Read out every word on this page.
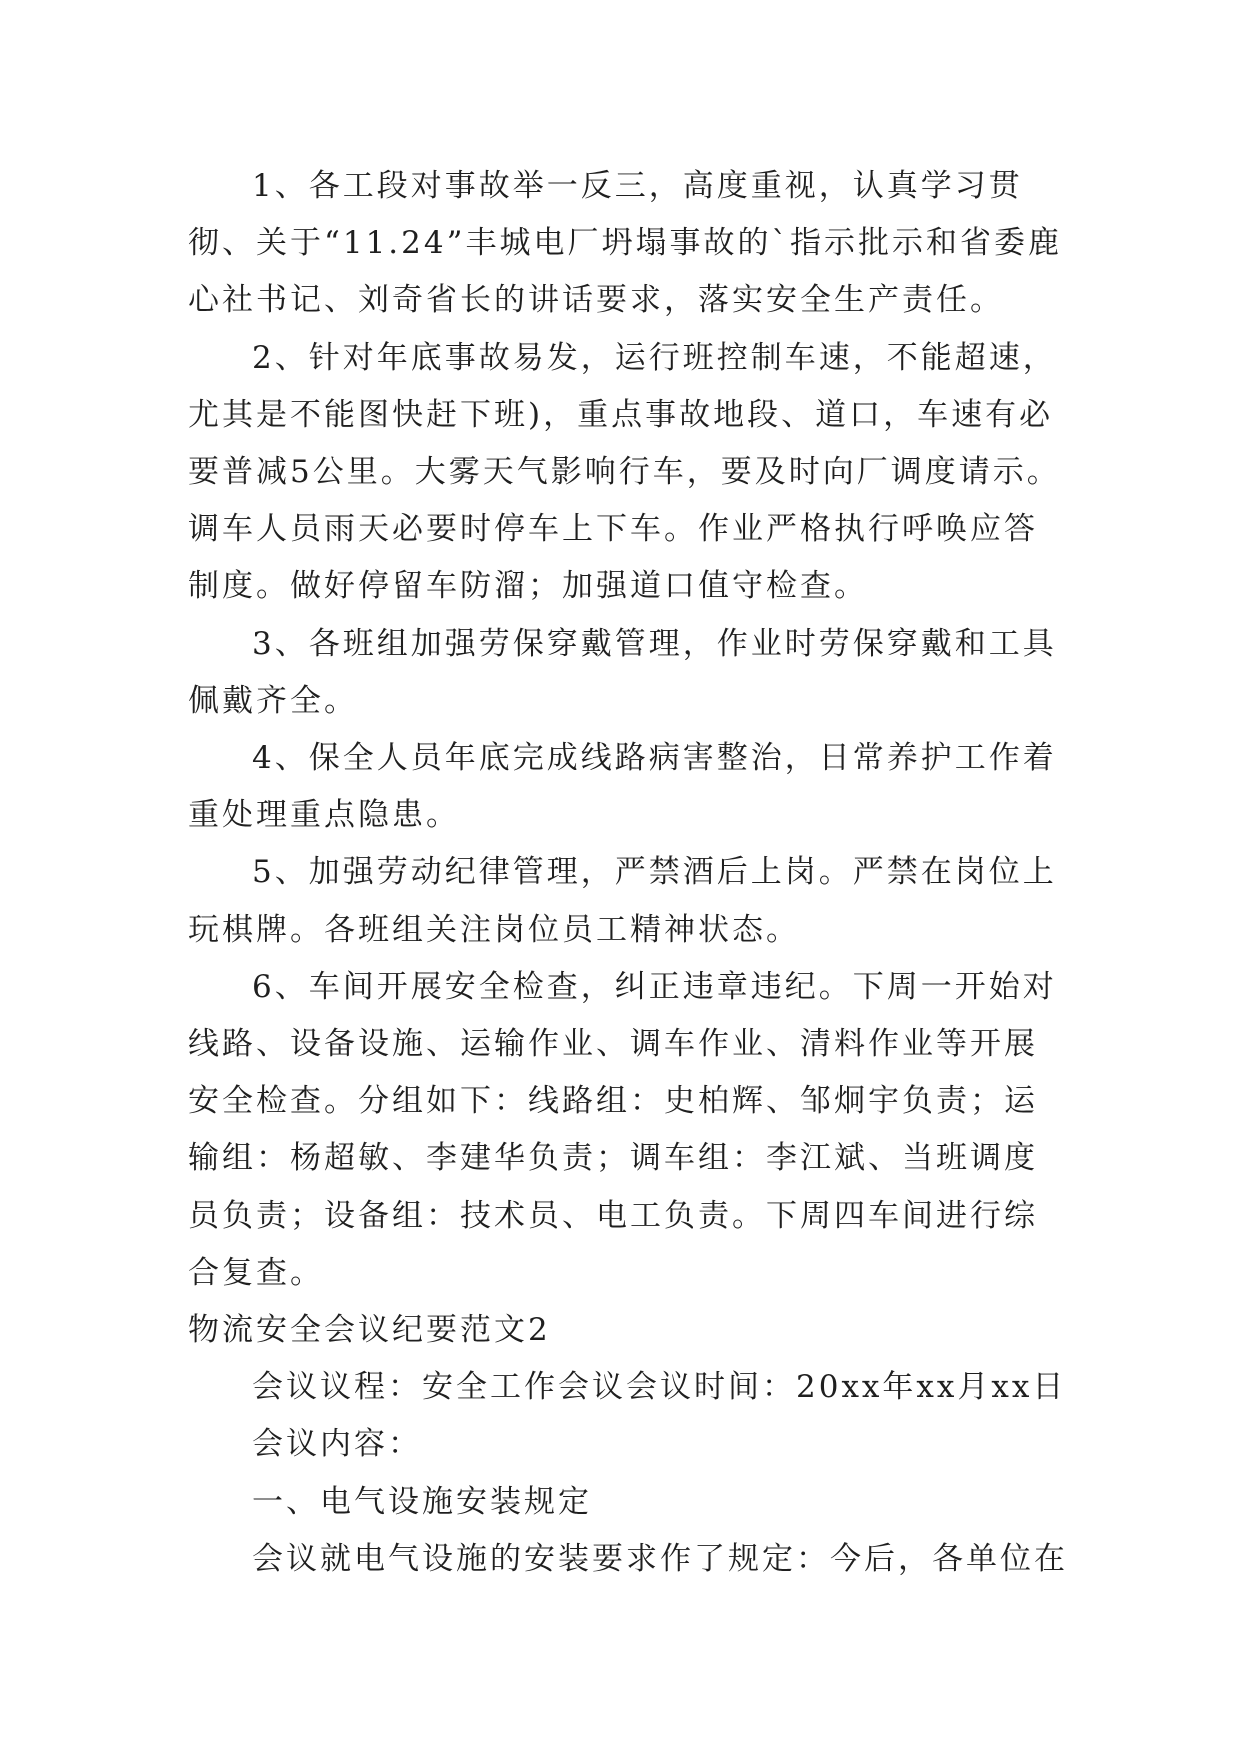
1、各工段对事故举一反三，高度重视，认真学习贯彻、关于“11.24”丰城电厂坍塌事故的`指示批示和省委鹿心社书记、刘奇省长的讲话要求，落实安全生产责任。

2、针对年底事故易发，运行班控制车速，不能超速，尤其是不能图快赶下班)，重点事故地段、道口，车速有必要普减5公里。大雾天气影响行车，要及时向厂调度请示。调车人员雨天必要时停车上下车。作业严格执行呼唤应答制度。做好停留车防溜；加强道口值守检查。

3、各班组加强劳保穿戴管理，作业时劳保穿戴和工具佩戴齐全。

4、保全人员年底完成线路病害整治，日常养护工作着重处理重点隐患。

5、加强劳动纪律管理，严禁酒后上岗。严禁在岗位上玩棋牌。各班组关注岗位员工精神状态。

6、车间开展安全检查，纠正违章违纪。下周一开始对线路、设备设施、运输作业、调车作业、清料作业等开展安全检查。分组如下：线路组：史柏辉、邹炯宇负责；运输组：杨超敏、李建华负责；调车组：李江斌、当班调度员负责；设备组：技术员、电工负责。下周四车间进行综合复查。

物流安全会议纪要范文2

会议议程：安全工作会议会议时间：20xx年xx月xx日

会议内容：

一、电气设施安装规定

会议就电气设施的安装要求作了规定：今后，各单位在
